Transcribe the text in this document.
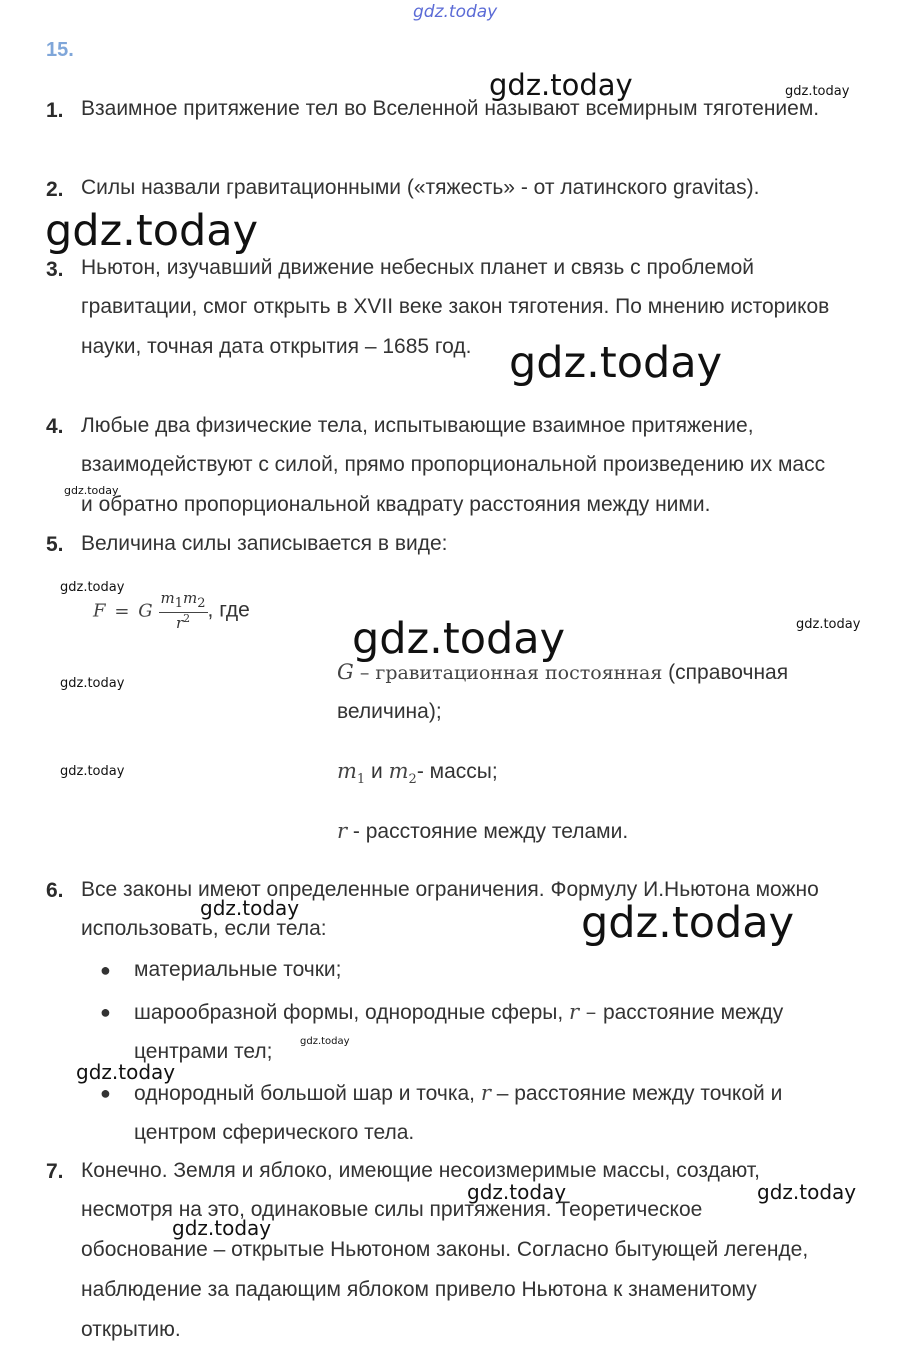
gdz.today
gdz.today	gdz.today
gdz.today
gdz.today
gdz.today
gdz.today
gdz.today	gdz.today
gdz.today
gdz.today
gdz.today	gdz.today
gdz.today
gdz.today
gdz.today	gdz.today
gdz.today
15.
1. Взаимное притяжение тел во Вселенной называют всемирным тяготением.
2. Силы назвали гравитационными («тяжесть» - от латинского gravitas).
3. Ньютон, изучавший движение небесных планет и связь с проблемой
гравитации, смог открыть в XVII веке закон тяготения. По мнению историков
науки, точная дата открытия – 1685 год.
4. Любые два физические тела, испытывающие взаимное притяжение,
взаимодействуют с силой, прямо пропорциональной произведению их масс
и обратно пропорциональной квадрату расстояния между ними.
5. Величина силы записывается в виде:
F = G $\frac{m_1m_2}{r^2}$ , где
G – гравитационная постоянная (справочная
величина);
$m_1$ и $m_2-$ массы;
r - расстояние между телами.
6. Все законы имеют определенные ограничения. Формулу И.Ньютона можно
использовать, если тела:
● материальные точки;
● шарообразной формы, однородные сферы, r – расстояние между
центрами тел;
● однородный большой шар и точка, r – расстояние между точкой и
центром сферического тела.
7. Конечно. Земля и яблоко, имеющие несоизмеримые массы, создают,
несмотря на это, одинаковые силы притяжения. Теоретическое
обоснование – открытые Ньютоном законы. Согласно бытующей легенде,
наблюдение за падающим яблоком привело Ньютона к знаменитому
открытию.
